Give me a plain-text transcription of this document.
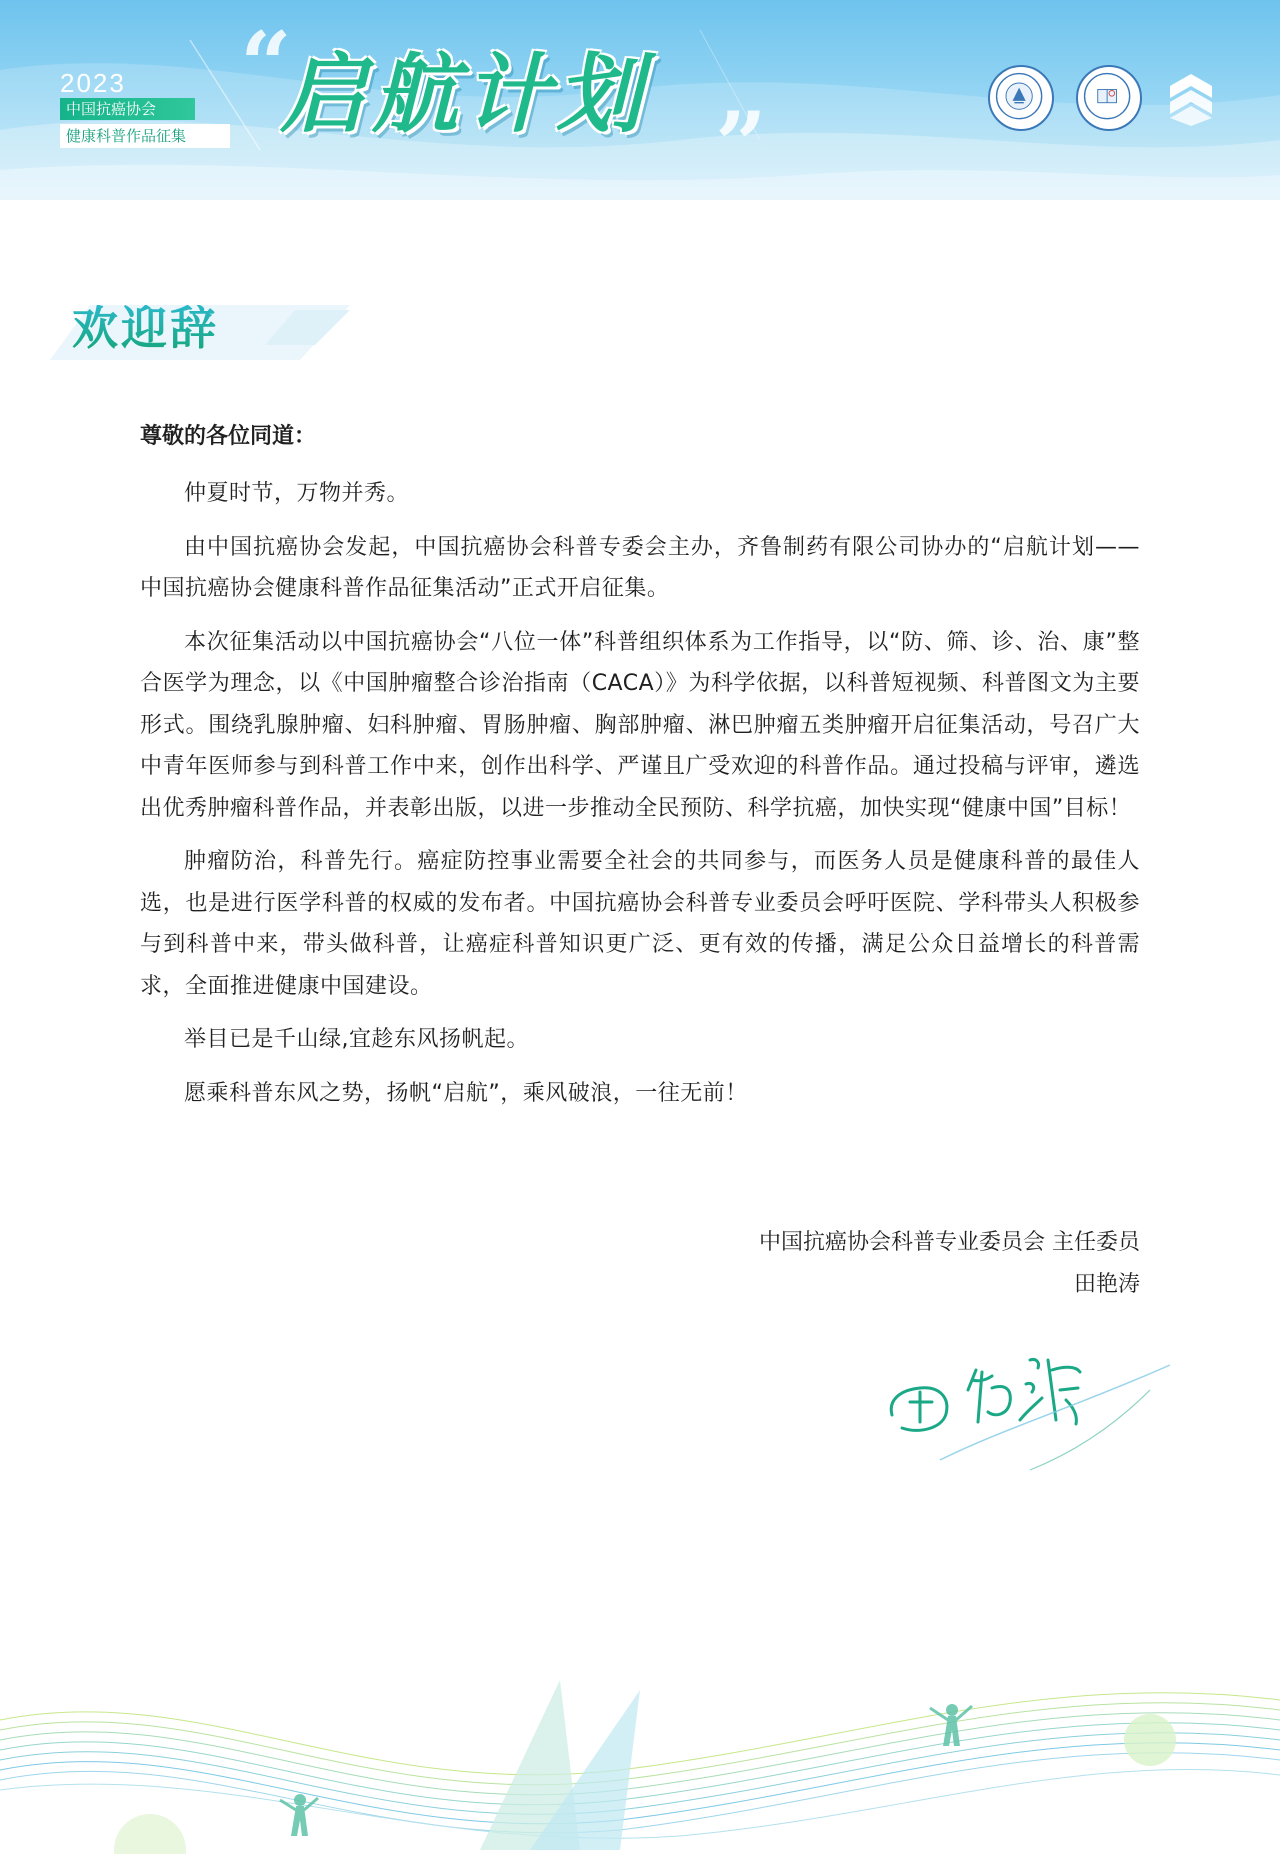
2023
中国抗癌协会
健康科普作品征集
“
启航计划 ”
欢迎辞

尊敬的各位同道：

仲夏时节，万物并秀。

由中国抗癌协会发起，中国抗癌协会科普专委会主办，齐鲁制药有限公司协办的“启航计划——中国抗癌协会健康科普作品征集活动”正式开启征集。

本次征集活动以中国抗癌协会“八位一体”科普组织体系为工作指导，以“防、筛、诊、治、康”整合医学为理念，以《中国肿瘤整合诊治指南（CACA）》为科学依据，以科普短视频、科普图文为主要形式。围绕乳腺肿瘤、妇科肿瘤、胃肠肿瘤、胸部肿瘤、淋巴肿瘤五类肿瘤开启征集活动，号召广大中青年医师参与到科普工作中来，创作出科学、严谨且广受欢迎的科普作品。通过投稿与评审，遴选出优秀肿瘤科普作品，并表彰出版，以进一步推动全民预防、科学抗癌，加快实现“健康中国”目标！

肿瘤防治，科普先行。癌症防控事业需要全社会的共同参与，而医务人员是健康科普的最佳人选，也是进行医学科普的权威的发布者。中国抗癌协会科普专业委员会呼吁医院、学科带头人积极参与到科普中来，带头做科普，让癌症科普知识更广泛、更有效的传播，满足公众日益增长的科普需求，全面推进健康中国建设。

举目已是千山绿,宜趁东风扬帆起。

愿乘科普东风之势，扬帆“启航”，乘风破浪，一往无前！

中国抗癌协会科普专业委员会 主任委员
田艳涛
